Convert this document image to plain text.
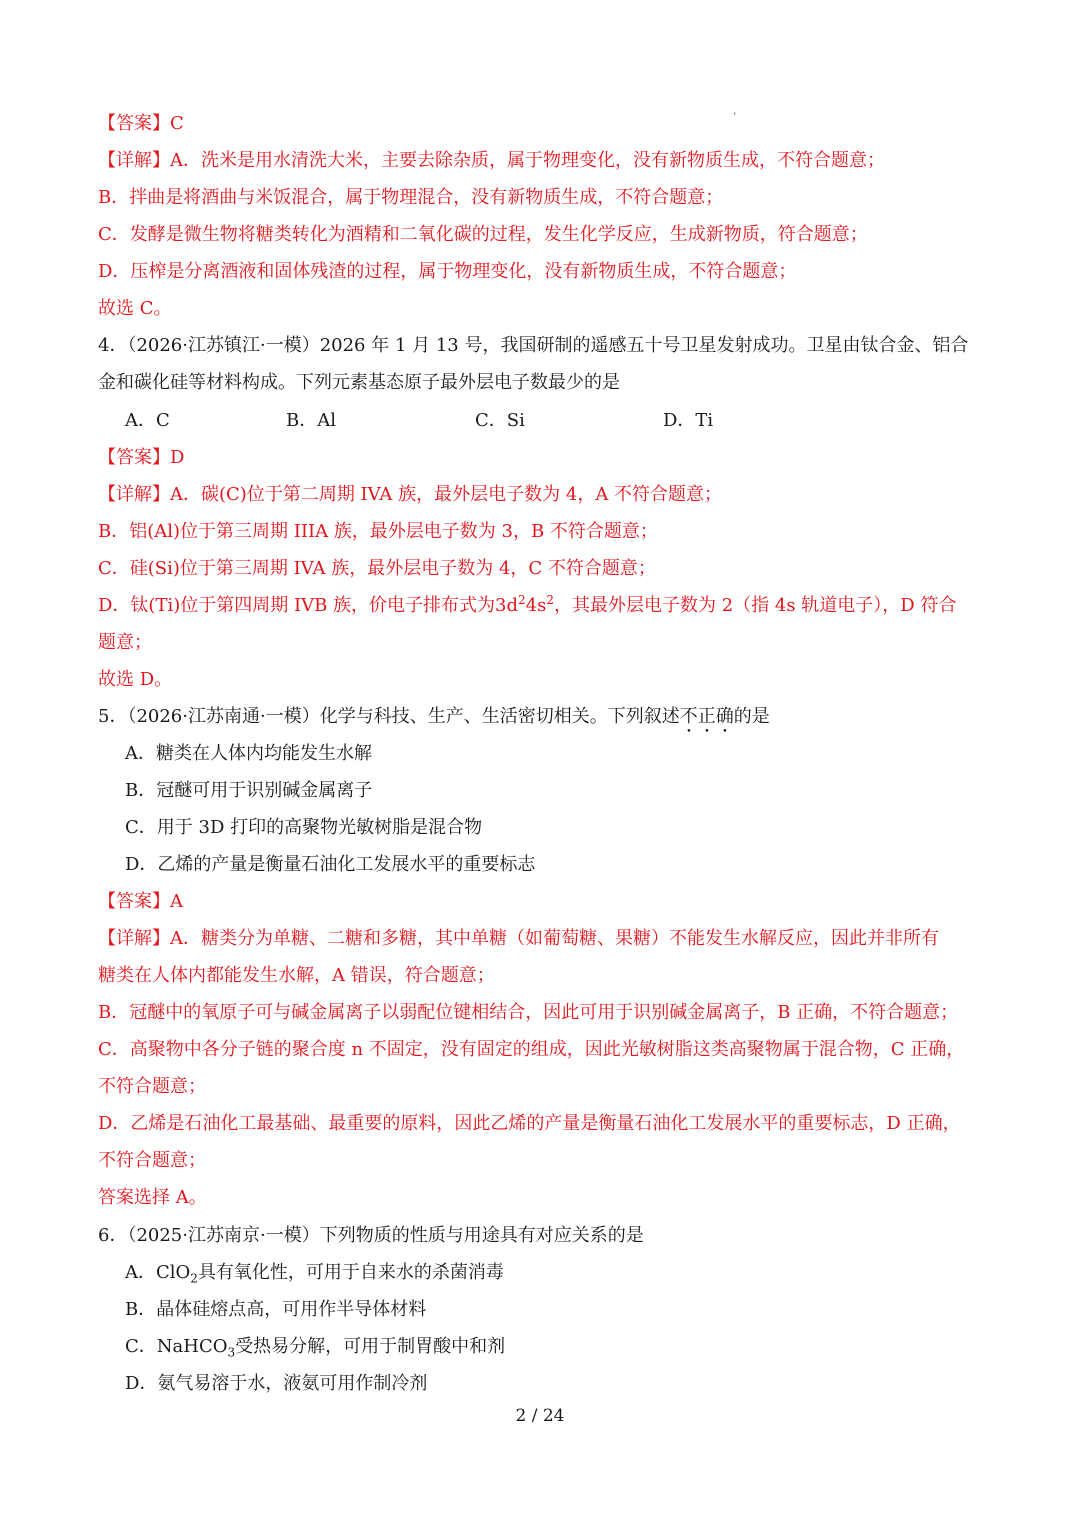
’
【答案】C
【详解】A．洗米是用水清洗大米，主要去除杂质，属于物理变化，没有新物质生成，不符合题意；
B．拌曲是将酒曲与米饭混合，属于物理混合，没有新物质生成，不符合题意；
C．发酵是微生物将糖类转化为酒精和二氧化碳的过程，发生化学反应，生成新物质，符合题意；
D．压榨是分离酒液和固体残渣的过程，属于物理变化，没有新物质生成，不符合题意；
故选 C。
4．（2026·江苏镇江·一模）2026 年 1 月 13 号，我国研制的遥感五十号卫星发射成功。卫星由钛合金、铝合
金和碳化硅等材料构成。下列元素基态原子最外层电子数最少的是
A．C	B．Al	C．Si	D．Ti
【答案】D
【详解】A．碳(C)位于第二周期 IVA 族，最外层电子数为 4，A 不符合题意；
B．铝(Al)位于第三周期 IIIA 族，最外层电子数为 3，B 不符合题意；
C．硅(Si)位于第三周期 IVA 族，最外层电子数为 4，C 不符合题意；
D．钛(Ti)位于第四周期 IVB 族，价电子排布式为$3d^24s^2$，其最外层电子数为 2（指 4s 轨道电子），D 符合
题意；
故选 D。
5．（2026·江苏南通·一模）化学与科技、生产、生活密切相关。下列叙述不正确的是
A．糖类在人体内均能发生水解
B．冠醚可用于识别碱金属离子
C．用于 3D 打印的高聚物光敏树脂是混合物
D．乙烯的产量是衡量石油化工发展水平的重要标志
【答案】A
【详解】A．糖类分为单糖、二糖和多糖，其中单糖（如葡萄糖、果糖）不能发生水解反应，因此并非所有
糖类在人体内都能发生水解，A 错误，符合题意；
B．冠醚中的氧原子可与碱金属离子以弱配位键相结合，因此可用于识别碱金属离子，B 正确，不符合题意；
C．高聚物中各分子链的聚合度 n 不固定，没有固定的组成，因此光敏树脂这类高聚物属于混合物，C 正确，
不符合题意；
D．乙烯是石油化工最基础、最重要的原料，因此乙烯的产量是衡量石油化工发展水平的重要标志，D 正确，
不符合题意；
答案选择 A。
6．（2025·江苏南京·一模）下列物质的性质与用途具有对应关系的是
A．ClO$_2$具有氧化性，可用于自来水的杀菌消毒
B．晶体硅熔点高，可用作半导体材料
C．NaHCO$_3$受热易分解，可用于制胃酸中和剂
D．氨气易溶于水，液氨可用作制冷剂
2 / 24
